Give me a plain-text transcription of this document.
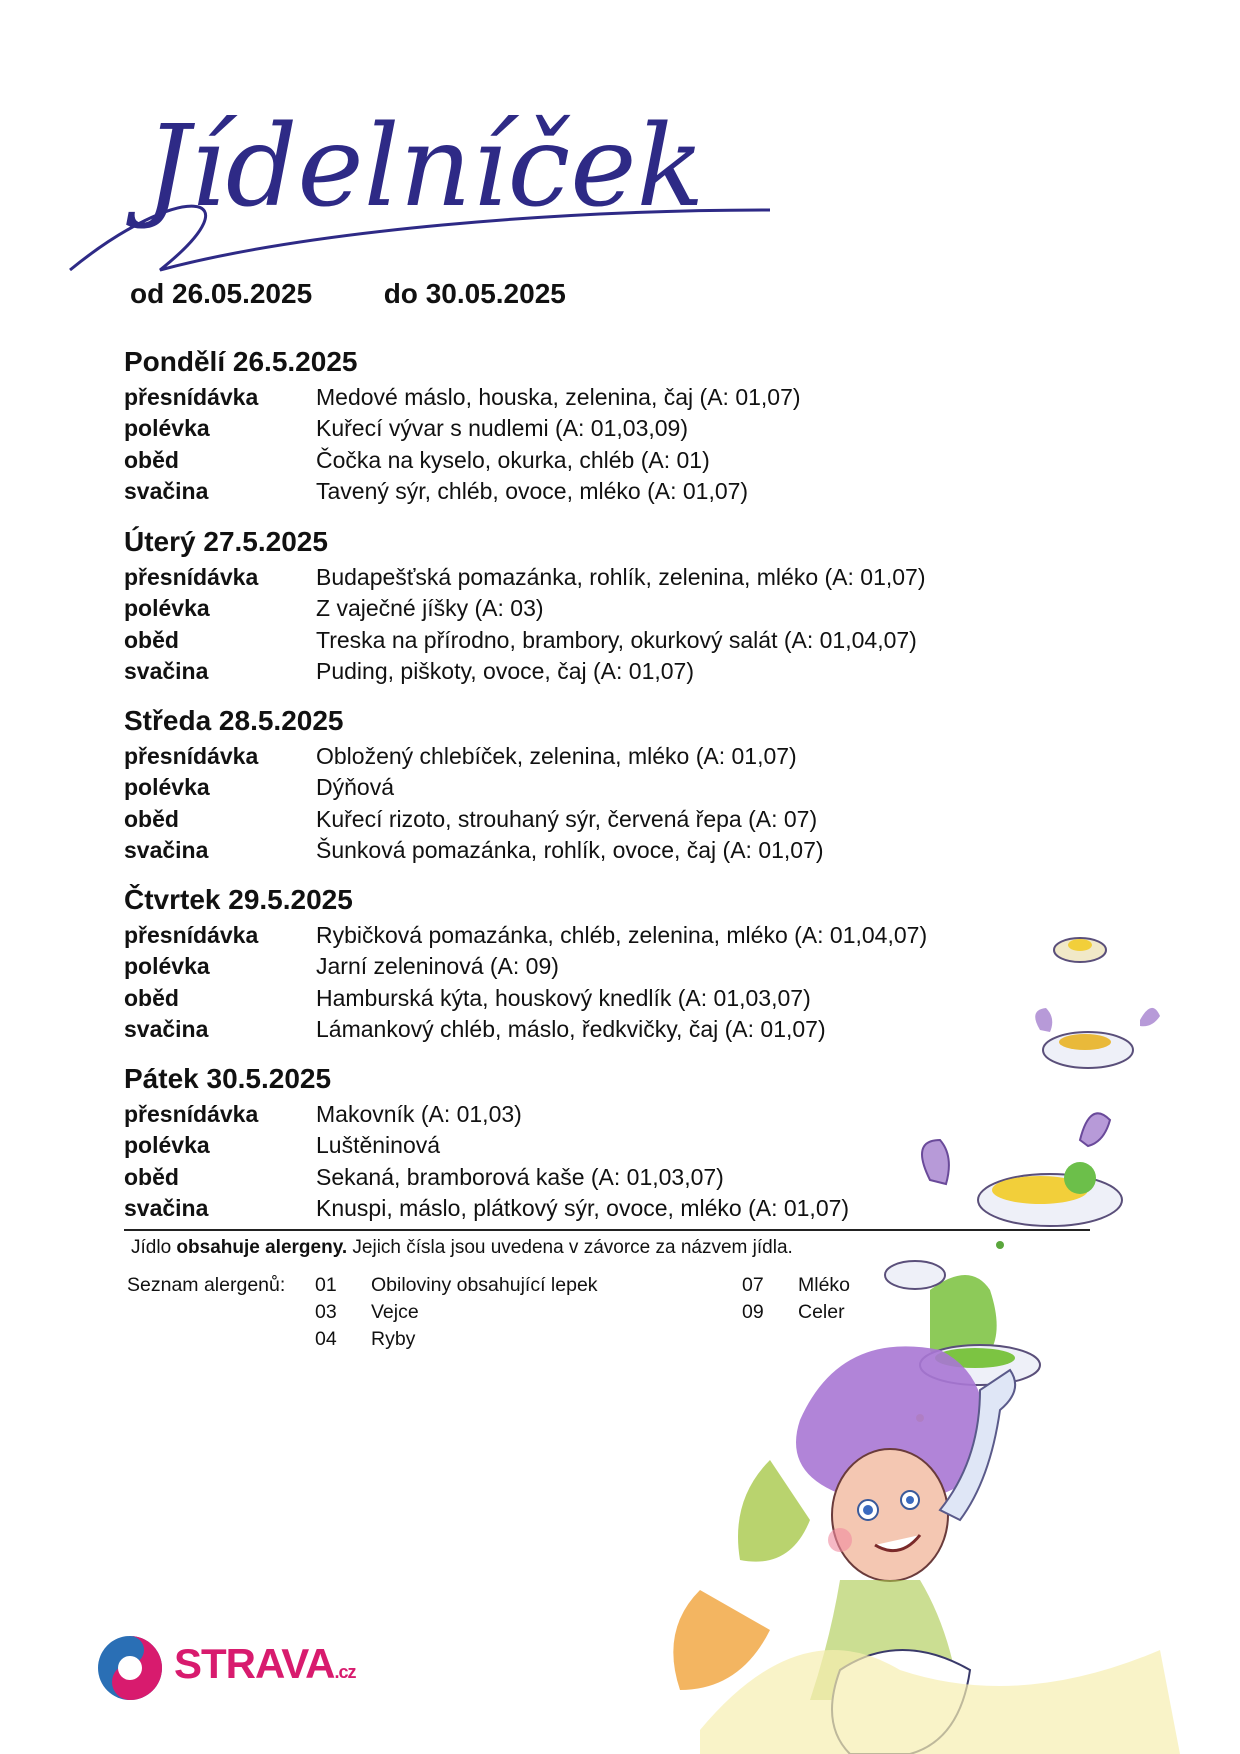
Jídelníček
od 26.05.2025	do 30.05.2025
Pondělí 26.5.2025
přesnídávka	Medové máslo, houska, zelenina, čaj (A: 01,07)
polévka	Kuřecí vývar s nudlemi (A: 01,03,09)
oběd	Čočka na kyselo, okurka, chléb (A: 01)
svačina	Tavený sýr, chléb, ovoce, mléko (A: 01,07)
Úterý 27.5.2025
přesnídávka	Budapešťská pomazánka, rohlík, zelenina, mléko (A: 01,07)
polévka	Z vaječné jíšky (A: 03)
oběd	Treska na přírodno, brambory, okurkový salát (A: 01,04,07)
svačina	Puding, piškoty, ovoce, čaj (A: 01,07)
Středa 28.5.2025
přesnídávka	Obložený chlebíček, zelenina, mléko (A: 01,07)
polévka	Dýňová
oběd	Kuřecí rizoto, strouhaný sýr, červená řepa (A: 07)
svačina	Šunková pomazánka, rohlík, ovoce, čaj (A: 01,07)
Čtvrtek 29.5.2025
přesnídávka	Rybičková pomazánka, chléb, zelenina, mléko (A: 01,04,07)
polévka	Jarní zeleninová (A: 09)
oběd	Hamburská kýta, houskový knedlík (A: 01,03,07)
svačina	Lámankový chléb, máslo, ředkvičky, čaj (A: 01,07)
Pátek 30.5.2025
přesnídávka	Makovník (A: 01,03)
polévka	Luštěninová
oběd	Sekaná, bramborová kaše (A: 01,03,07)
svačina	Knuspi, máslo, plátkový sýr, ovoce, mléko (A: 01,07)
Jídlo obsahuje alergeny. Jejich čísla jsou uvedena v závorce za názvem jídla.
Seznam alergenů: 01 Obiloviny obsahující lepek
03 Vejce
04 Ryby
07 Mléko
09 Celer
STRAVA.cz
